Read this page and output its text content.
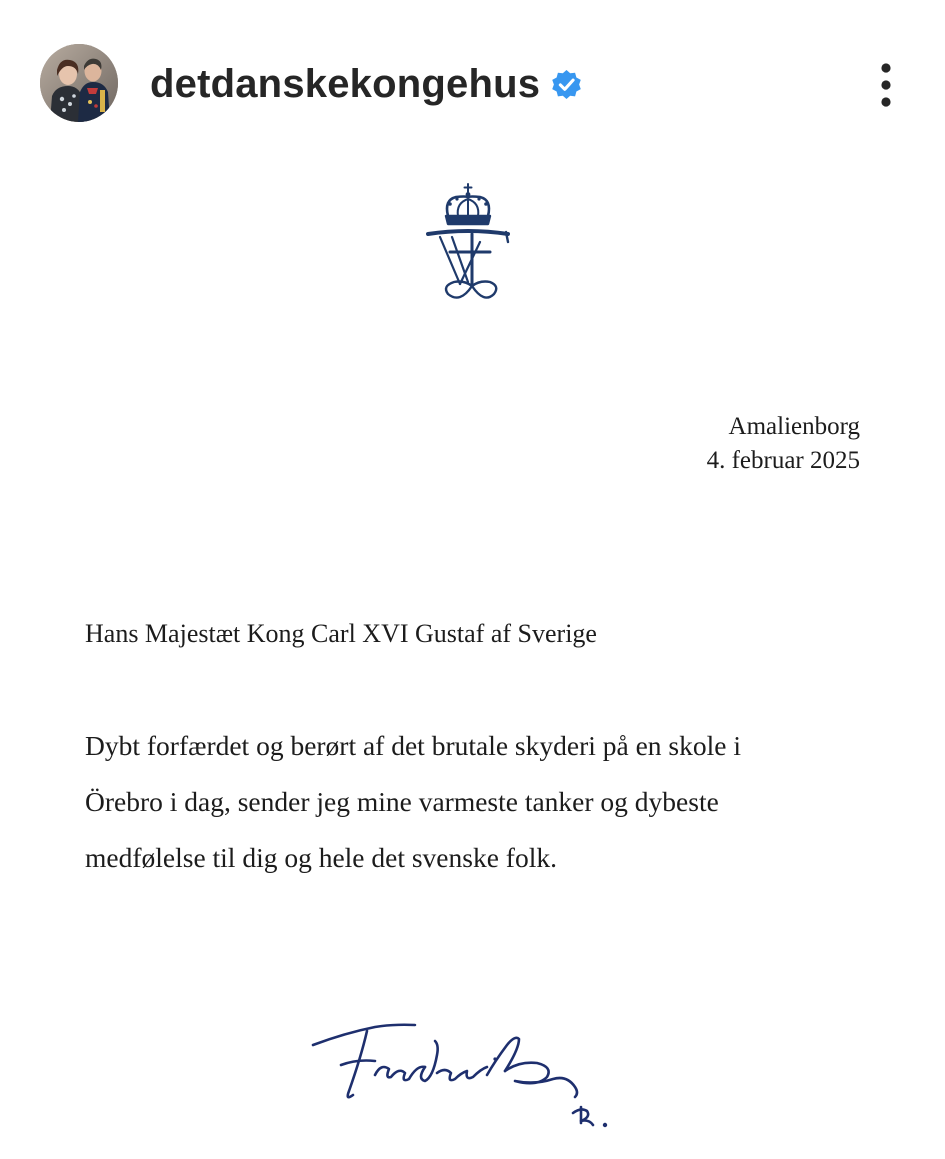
detdanskekongehus
Amalienborg
4. februar 2025
Hans Majestæt Kong Carl XVI Gustaf af Sverige
Dybt forfærdet og berørt af det brutale skyderi på en skole i
Örebro i dag, sender jeg mine varmeste tanker og dybeste
medfølelse til dig og hele det svenske folk.
